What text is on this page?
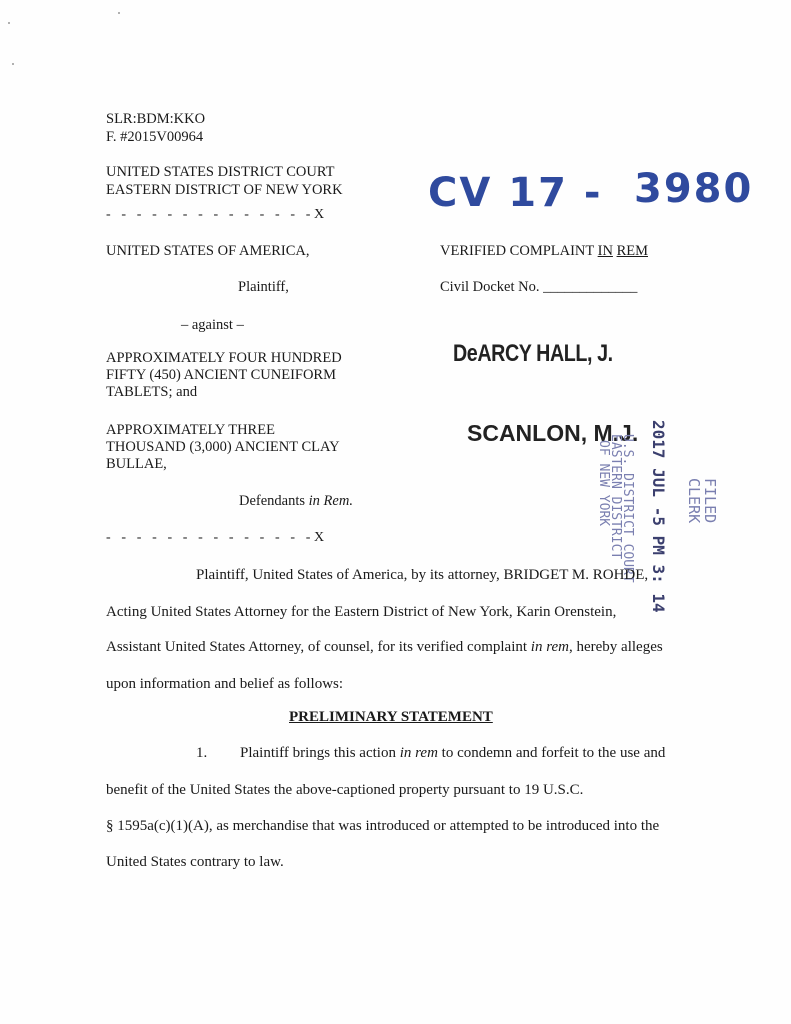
SLR:BDM:KKO
F. #2015V00964
UNITED STATES DISTRICT COURT
EASTERN DISTRICT OF NEW YORK
- - - - - - - - - - - - - -X	CV 17 - 3980
UNITED STATES OF AMERICA,
Plaintiff,
– against –
APPROXIMATELY FOUR HUNDRED
FIFTY (450) ANCIENT CUNEIFORM
TABLETS; and
APPROXIMATELY THREE
THOUSAND (3,000) ANCIENT CLAY
BULLAE,
Defendants in Rem.
- - - - - - - - - - - - - -X
VERIFIED COMPLAINT IN REM
Civil Docket No. _____________
DeARCY HALL, J.
SCANLON, M.J. 2017 JUL -5 PM 3: 14
U.S. DISTRICT COURT
EASTERN DISTRICT
OF NEW YORK	FILED
CLERK
Plaintiff, United States of America, by its attorney, BRIDGET M. ROHDE,
Acting United States Attorney for the Eastern District of New York, Karin Orenstein,
Assistant United States Attorney, of counsel, for its verified complaint in rem, hereby alleges
upon information and belief as follows:
PRELIMINARY STATEMENT
1. Plaintiff brings this action in rem to condemn and forfeit to the use and
benefit of the United States the above-captioned property pursuant to 19 U.S.C.
§ 1595a(c)(1)(A), as merchandise that was introduced or attempted to be introduced into the
United States contrary to law.
